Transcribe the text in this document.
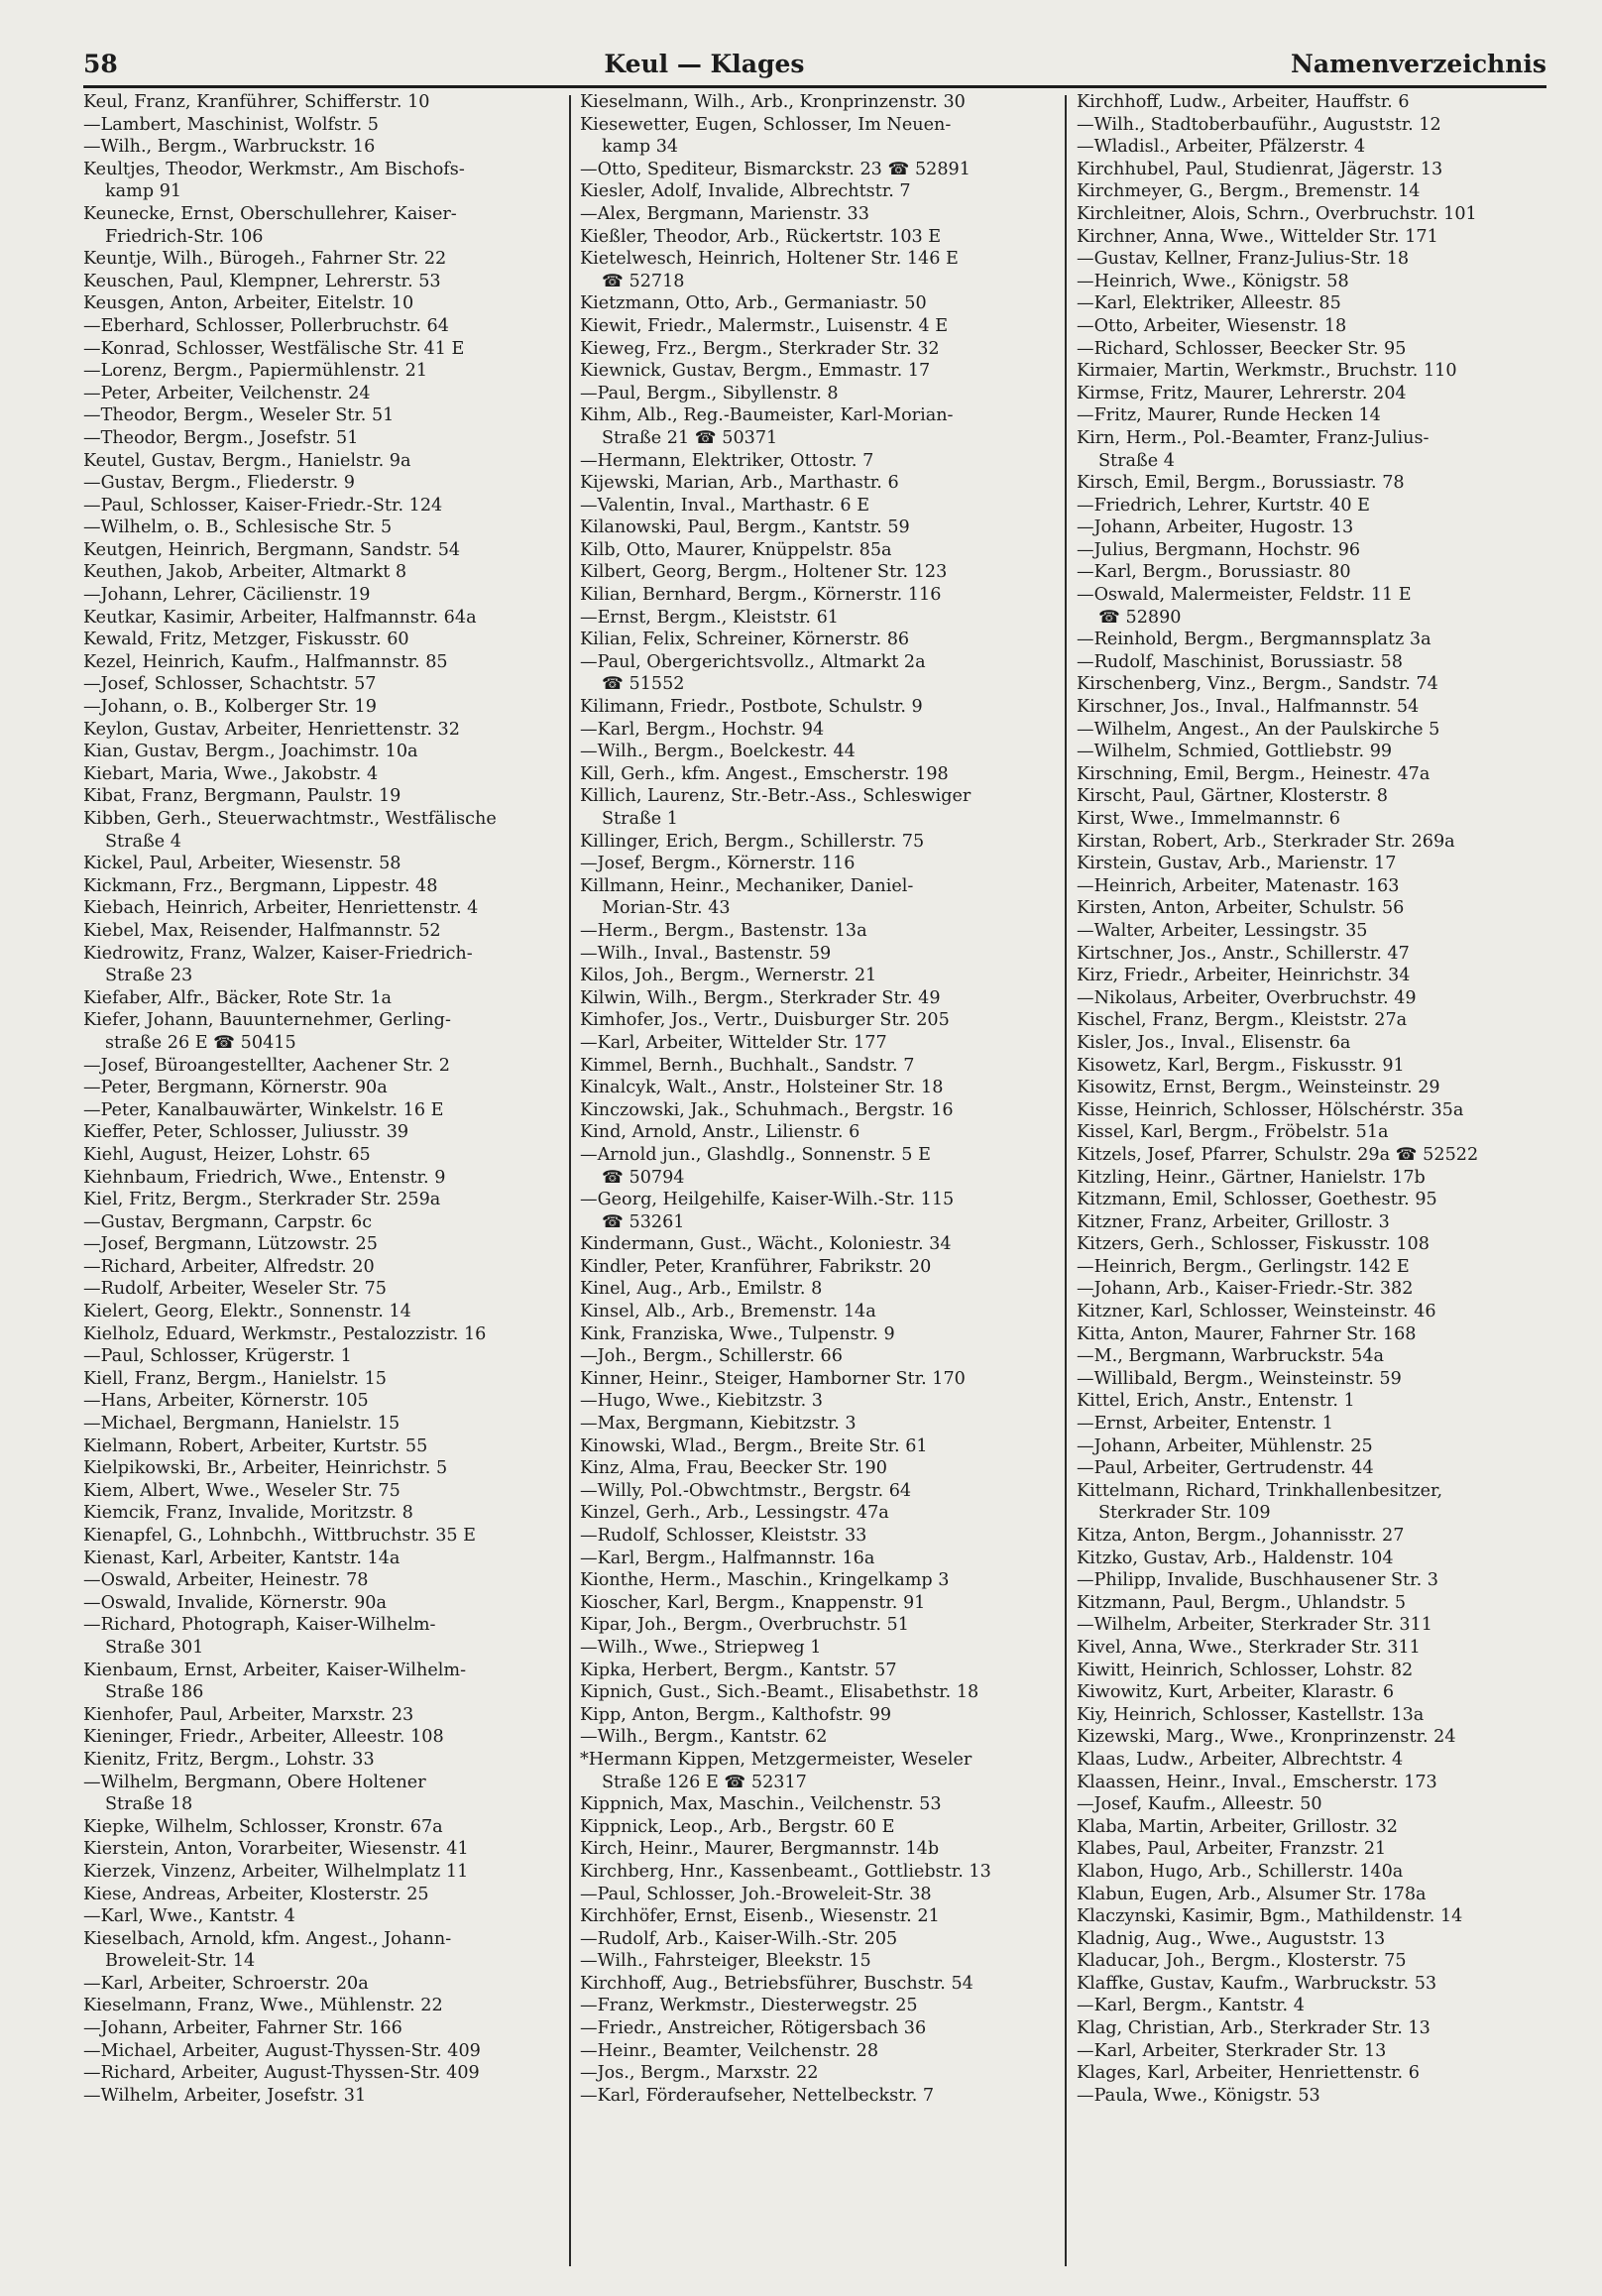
58	Keul — Klages	Namenverzeichnis
Keul, Franz, Kranführer, Schifferstr. 10
—Lambert, Maschinist, Wolfstr. 5
—Wilh., Bergm., Warbruckstr. 16
Keultjes, Theodor, Werkmstr., Am Bischofs-
kamp 91
Keunecke, Ernst, Oberschullehrer, Kaiser-
Friedrich-Str. 106
Keuntje, Wilh., Bürogeh., Fahrner Str. 22
Keuschen, Paul, Klempner, Lehrerstr. 53
Keusgen, Anton, Arbeiter, Eitelstr. 10
—Eberhard, Schlosser, Pollerbruchstr. 64
—Konrad, Schlosser, Westfälische Str. 41 E
—Lorenz, Bergm., Papiermühlenstr. 21
—Peter, Arbeiter, Veilchenstr. 24
—Theodor, Bergm., Weseler Str. 51
—Theodor, Bergm., Josefstr. 51
Keutel, Gustav, Bergm., Hanielstr. 9a
—Gustav, Bergm., Fliederstr. 9
—Paul, Schlosser, Kaiser-Friedr.-Str. 124
—Wilhelm, o. B., Schlesische Str. 5
Keutgen, Heinrich, Bergmann, Sandstr. 54
Keuthen, Jakob, Arbeiter, Altmarkt 8
—Johann, Lehrer, Cäcilienstr. 19
Keutkar, Kasimir, Arbeiter, Halfmannstr. 64a
Kewald, Fritz, Metzger, Fiskusstr. 60
Kezel, Heinrich, Kaufm., Halfmannstr. 85
—Josef, Schlosser, Schachtstr. 57
—Johann, o. B., Kolberger Str. 19
Keylon, Gustav, Arbeiter, Henriettenstr. 32
Kian, Gustav, Bergm., Joachimstr. 10a
Kiebart, Maria, Wwe., Jakobstr. 4
Kibat, Franz, Bergmann, Paulstr. 19
Kibben, Gerh., Steuerwachtmstr., Westfälische
Straße 4
Kickel, Paul, Arbeiter, Wiesenstr. 58
Kickmann, Frz., Bergmann, Lippestr. 48
Kiebach, Heinrich, Arbeiter, Henriettenstr. 4
Kiebel, Max, Reisender, Halfmannstr. 52
Kiedrowitz, Franz, Walzer, Kaiser-Friedrich-
Straße 23
Kiefaber, Alfr., Bäcker, Rote Str. 1a
Kiefer, Johann, Bauunternehmer, Gerling-
straße 26 E ☎ 50415
—Josef, Büroangestellter, Aachener Str. 2
—Peter, Bergmann, Körnerstr. 90a
—Peter, Kanalbauwärter, Winkelstr. 16 E
Kieffer, Peter, Schlosser, Juliusstr. 39
Kiehl, August, Heizer, Lohstr. 65
Kiehnbaum, Friedrich, Wwe., Entenstr. 9
Kiel, Fritz, Bergm., Sterkrader Str. 259a
—Gustav, Bergmann, Carpstr. 6c
—Josef, Bergmann, Lützowstr. 25
—Richard, Arbeiter, Alfredstr. 20
—Rudolf, Arbeiter, Weseler Str. 75
Kielert, Georg, Elektr., Sonnenstr. 14
Kielholz, Eduard, Werkmstr., Pestalozzistr. 16
—Paul, Schlosser, Krügerstr. 1
Kiell, Franz, Bergm., Hanielstr. 15
—Hans, Arbeiter, Körnerstr. 105
—Michael, Bergmann, Hanielstr. 15
Kielmann, Robert, Arbeiter, Kurtstr. 55
Kielpikowski, Br., Arbeiter, Heinrichstr. 5
Kiem, Albert, Wwe., Weseler Str. 75
Kiemcik, Franz, Invalide, Moritzstr. 8
Kienapfel, G., Lohnbchh., Wittbruchstr. 35 E
Kienast, Karl, Arbeiter, Kantstr. 14a
—Oswald, Arbeiter, Heinestr. 78
—Oswald, Invalide, Körnerstr. 90a
—Richard, Photograph, Kaiser-Wilhelm-
Straße 301
Kienbaum, Ernst, Arbeiter, Kaiser-Wilhelm-
Straße 186
Kienhofer, Paul, Arbeiter, Marxstr. 23
Kieninger, Friedr., Arbeiter, Alleestr. 108
Kienitz, Fritz, Bergm., Lohstr. 33
—Wilhelm, Bergmann, Obere Holtener
Straße 18
Kiepke, Wilhelm, Schlosser, Kronstr. 67a
Kierstein, Anton, Vorarbeiter, Wiesenstr. 41
Kierzek, Vinzenz, Arbeiter, Wilhelmplatz 11
Kiese, Andreas, Arbeiter, Klosterstr. 25
—Karl, Wwe., Kantstr. 4
Kieselbach, Arnold, kfm. Angest., Johann-
Broweleit-Str. 14
—Karl, Arbeiter, Schroerstr. 20a
Kieselmann, Franz, Wwe., Mühlenstr. 22
—Johann, Arbeiter, Fahrner Str. 166
—Michael, Arbeiter, August-Thyssen-Str. 409
—Richard, Arbeiter, August-Thyssen-Str. 409
—Wilhelm, Arbeiter, Josefstr. 31
Kieselmann, Wilh., Arb., Kronprinzenstr. 30
Kiesewetter, Eugen, Schlosser, Im Neuen-
kamp 34
—Otto, Spediteur, Bismarckstr. 23 ☎ 52891
Kiesler, Adolf, Invalide, Albrechtstr. 7
—Alex, Bergmann, Marienstr. 33
Kießler, Theodor, Arb., Rückertstr. 103 E
Kietelwesch, Heinrich, Holtener Str. 146 E
☎ 52718
Kietzmann, Otto, Arb., Germaniastr. 50
Kiewit, Friedr., Malermstr., Luisenstr. 4 E
Kieweg, Frz., Bergm., Sterkrader Str. 32
Kiewnick, Gustav, Bergm., Emmastr. 17
—Paul, Bergm., Sibyllenstr. 8
Kihm, Alb., Reg.-Baumeister, Karl-Morian-
Straße 21 ☎ 50371
—Hermann, Elektriker, Ottostr. 7
Kijewski, Marian, Arb., Marthastr. 6
—Valentin, Inval., Marthastr. 6 E
Kilanowski, Paul, Bergm., Kantstr. 59
Kilb, Otto, Maurer, Knüppelstr. 85a
Kilbert, Georg, Bergm., Holtener Str. 123
Kilian, Bernhard, Bergm., Körnerstr. 116
—Ernst, Bergm., Kleiststr. 61
Kilian, Felix, Schreiner, Körnerstr. 86
—Paul, Obergerichtsvollz., Altmarkt 2a
☎ 51552
Kilimann, Friedr., Postbote, Schulstr. 9
—Karl, Bergm., Hochstr. 94
—Wilh., Bergm., Boelckestr. 44
Kill, Gerh., kfm. Angest., Emscherstr. 198
Killich, Laurenz, Str.-Betr.-Ass., Schleswiger
Straße 1
Killinger, Erich, Bergm., Schillerstr. 75
—Josef, Bergm., Körnerstr. 116
Killmann, Heinr., Mechaniker, Daniel-
Morian-Str. 43
—Herm., Bergm., Bastenstr. 13a
—Wilh., Inval., Bastenstr. 59
Kilos, Joh., Bergm., Wernerstr. 21
Kilwin, Wilh., Bergm., Sterkrader Str. 49
Kimhofer, Jos., Vertr., Duisburger Str. 205
—Karl, Arbeiter, Wittelder Str. 177
Kimmel, Bernh., Buchhalt., Sandstr. 7
Kinalcyk, Walt., Anstr., Holsteiner Str. 18
Kinczowski, Jak., Schuhmach., Bergstr. 16
Kind, Arnold, Anstr., Lilienstr. 6
—Arnold jun., Glashdlg., Sonnenstr. 5 E
☎ 50794
—Georg, Heilgehilfe, Kaiser-Wilh.-Str. 115
☎ 53261
Kindermann, Gust., Wächt., Koloniestr. 34
Kindler, Peter, Kranführer, Fabrikstr. 20
Kinel, Aug., Arb., Emilstr. 8
Kinsel, Alb., Arb., Bremenstr. 14a
Kink, Franziska, Wwe., Tulpenstr. 9
—Joh., Bergm., Schillerstr. 66
Kinner, Heinr., Steiger, Hamborner Str. 170
—Hugo, Wwe., Kiebitzstr. 3
—Max, Bergmann, Kiebitzstr. 3
Kinowski, Wlad., Bergm., Breite Str. 61
Kinz, Alma, Frau, Beecker Str. 190
—Willy, Pol.-Obwchtmstr., Bergstr. 64
Kinzel, Gerh., Arb., Lessingstr. 47a
—Rudolf, Schlosser, Kleiststr. 33
—Karl, Bergm., Halfmannstr. 16a
Kionthe, Herm., Maschin., Kringelkamp 3
Kioscher, Karl, Bergm., Knappenstr. 91
Kipar, Joh., Bergm., Overbruchstr. 51
—Wilh., Wwe., Striepweg 1
Kipka, Herbert, Bergm., Kantstr. 57
Kipnich, Gust., Sich.-Beamt., Elisabethstr. 18
Kipp, Anton, Bergm., Kalthofstr. 99
—Wilh., Bergm., Kantstr. 62
*Hermann Kippen, Metzgermeister, Weseler
Straße 126 E ☎ 52317
Kippnich, Max, Maschin., Veilchenstr. 53
Kippnick, Leop., Arb., Bergstr. 60 E
Kirch, Heinr., Maurer, Bergmannstr. 14b
Kirchberg, Hnr., Kassenbeamt., Gottliebstr. 13
—Paul, Schlosser, Joh.-Broweleit-Str. 38
Kirchhöfer, Ernst, Eisenb., Wiesenstr. 21
—Rudolf, Arb., Kaiser-Wilh.-Str. 205
—Wilh., Fahrsteiger, Bleekstr. 15
Kirchhoff, Aug., Betriebsführer, Buschstr. 54
—Franz, Werkmstr., Diesterwegstr. 25
—Friedr., Anstreicher, Rötigersbach 36
—Heinr., Beamter, Veilchenstr. 28
—Jos., Bergm., Marxstr. 22
—Karl, Förderaufseher, Nettelbeckstr. 7
Kirchhoff, Ludw., Arbeiter, Hauffstr. 6
—Wilh., Stadtoberbauführ., Auguststr. 12
—Wladisl., Arbeiter, Pfälzerstr. 4
Kirchhubel, Paul, Studienrat, Jägerstr. 13
Kirchmeyer, G., Bergm., Bremenstr. 14
Kirchleitner, Alois, Schrn., Overbruchstr. 101
Kirchner, Anna, Wwe., Wittelder Str. 171
—Gustav, Kellner, Franz-Julius-Str. 18
—Heinrich, Wwe., Königstr. 58
—Karl, Elektriker, Alleestr. 85
—Otto, Arbeiter, Wiesenstr. 18
—Richard, Schlosser, Beecker Str. 95
Kirmaier, Martin, Werkmstr., Bruchstr. 110
Kirmse, Fritz, Maurer, Lehrerstr. 204
—Fritz, Maurer, Runde Hecken 14
Kirn, Herm., Pol.-Beamter, Franz-Julius-
Straße 4
Kirsch, Emil, Bergm., Borussiastr. 78
—Friedrich, Lehrer, Kurtstr. 40 E
—Johann, Arbeiter, Hugostr. 13
—Julius, Bergmann, Hochstr. 96
—Karl, Bergm., Borussiastr. 80
—Oswald, Malermeister, Feldstr. 11 E
☎ 52890
—Reinhold, Bergm., Bergmannsplatz 3a
—Rudolf, Maschinist, Borussiastr. 58
Kirschenberg, Vinz., Bergm., Sandstr. 74
Kirschner, Jos., Inval., Halfmannstr. 54
—Wilhelm, Angest., An der Paulskirche 5
—Wilhelm, Schmied, Gottliebstr. 99
Kirschning, Emil, Bergm., Heinestr. 47a
Kirscht, Paul, Gärtner, Klosterstr. 8
Kirst, Wwe., Immelmannstr. 6
Kirstan, Robert, Arb., Sterkrader Str. 269a
Kirstein, Gustav, Arb., Marienstr. 17
—Heinrich, Arbeiter, Matenastr. 163
Kirsten, Anton, Arbeiter, Schulstr. 56
—Walter, Arbeiter, Lessingstr. 35
Kirtschner, Jos., Anstr., Schillerstr. 47
Kirz, Friedr., Arbeiter, Heinrichstr. 34
—Nikolaus, Arbeiter, Overbruchstr. 49
Kischel, Franz, Bergm., Kleiststr. 27a
Kisler, Jos., Inval., Elisenstr. 6a
Kisowetz, Karl, Bergm., Fiskusstr. 91
Kisowitz, Ernst, Bergm., Weinsteinstr. 29
Kisse, Heinrich, Schlosser, Hölschérstr. 35a
Kissel, Karl, Bergm., Fröbelstr. 51a
Kitzels, Josef, Pfarrer, Schulstr. 29a ☎ 52522
Kitzling, Heinr., Gärtner, Hanielstr. 17b
Kitzmann, Emil, Schlosser, Goethestr. 95
Kitzner, Franz, Arbeiter, Grillostr. 3
Kitzers, Gerh., Schlosser, Fiskusstr. 108
—Heinrich, Bergm., Gerlingstr. 142 E
—Johann, Arb., Kaiser-Friedr.-Str. 382
Kitzner, Karl, Schlosser, Weinsteinstr. 46
Kitta, Anton, Maurer, Fahrner Str. 168
—M., Bergmann, Warbruckstr. 54a
—Willibald, Bergm., Weinsteinstr. 59
Kittel, Erich, Anstr., Entenstr. 1
—Ernst, Arbeiter, Entenstr. 1
—Johann, Arbeiter, Mühlenstr. 25
—Paul, Arbeiter, Gertrudenstr. 44
Kittelmann, Richard, Trinkhallenbesitzer,
Sterkrader Str. 109
Kitza, Anton, Bergm., Johannisstr. 27
Kitzko, Gustav, Arb., Haldenstr. 104
—Philipp, Invalide, Buschhausener Str. 3
Kitzmann, Paul, Bergm., Uhlandstr. 5
—Wilhelm, Arbeiter, Sterkrader Str. 311
Kivel, Anna, Wwe., Sterkrader Str. 311
Kiwitt, Heinrich, Schlosser, Lohstr. 82
Kiwowitz, Kurt, Arbeiter, Klarastr. 6
Kiy, Heinrich, Schlosser, Kastellstr. 13a
Kizewski, Marg., Wwe., Kronprinzenstr. 24
Klaas, Ludw., Arbeiter, Albrechtstr. 4
Klaassen, Heinr., Inval., Emscherstr. 173
—Josef, Kaufm., Alleestr. 50
Klaba, Martin, Arbeiter, Grillostr. 32
Klabes, Paul, Arbeiter, Franzstr. 21
Klabon, Hugo, Arb., Schillerstr. 140a
Klabun, Eugen, Arb., Alsumer Str. 178a
Klaczynski, Kasimir, Bgm., Mathildenstr. 14
Kladnig, Aug., Wwe., Auguststr. 13
Kladucar, Joh., Bergm., Klosterstr. 75
Klaffke, Gustav, Kaufm., Warbruckstr. 53
—Karl, Bergm., Kantstr. 4
Klag, Christian, Arb., Sterkrader Str. 13
—Karl, Arbeiter, Sterkrader Str. 13
Klages, Karl, Arbeiter, Henriettenstr. 6
—Paula, Wwe., Königstr. 53
